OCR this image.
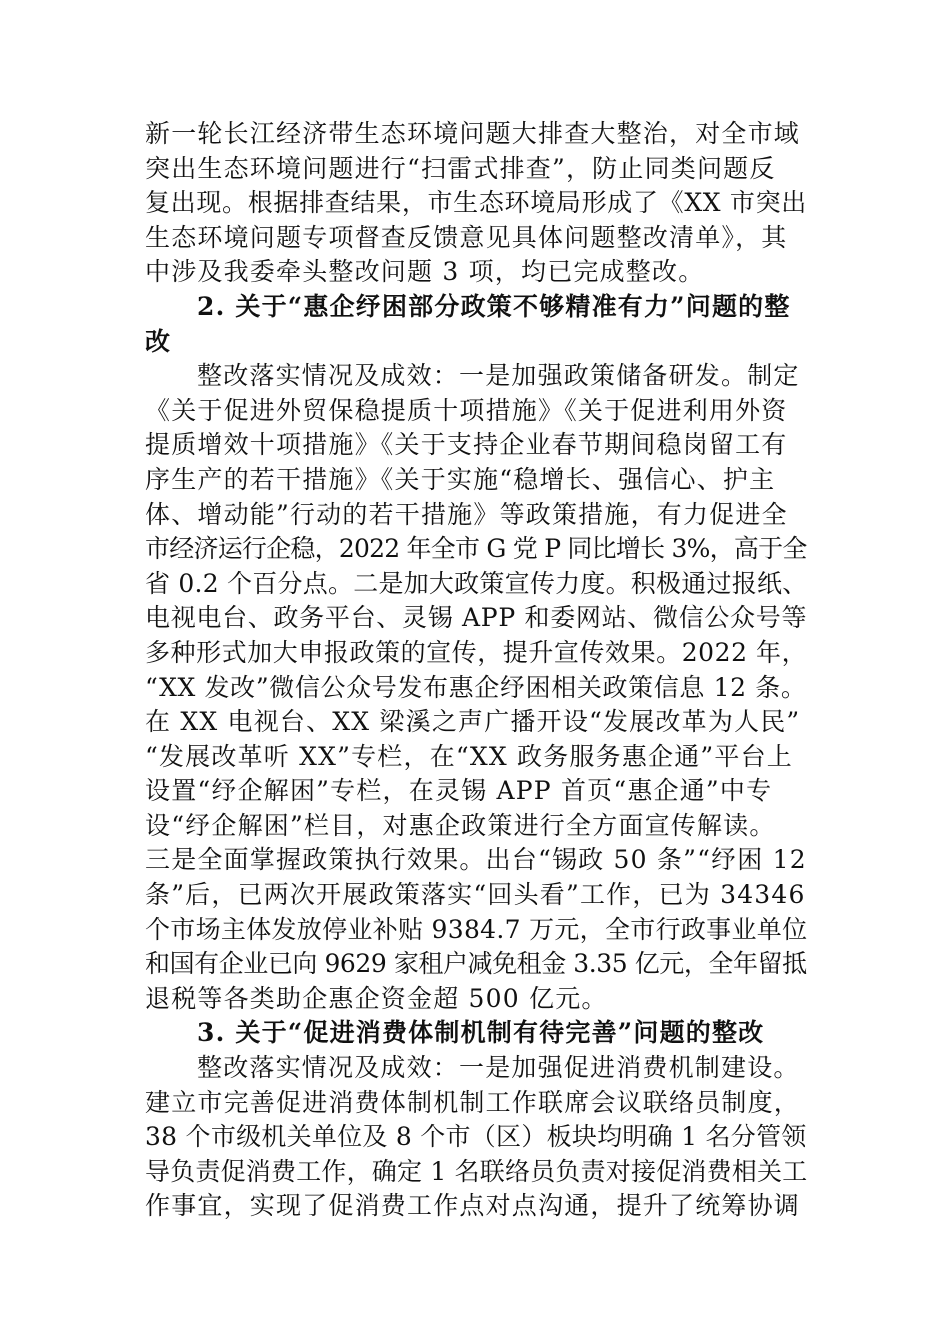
新一轮长江经济带生态环境问题大排查大整治，对全市域
突出生态环境问题进行“扫雷式排查”，防止同类问题反
复出现。根据排查结果，市生态环境局形成了《XX 市突出
生态环境问题专项督查反馈意见具体问题整改清单》，其
中涉及我委牵头整改问题 3 项，均已完成整改。
2. 关于“惠企纾困部分政策不够精准有力”问题的整
改
整改落实情况及成效：一是加强政策储备研发。制定
《关于促进外贸保稳提质十项措施》《关于促进利用外资
提质增效十项措施》《关于支持企业春节期间稳岗留工有
序生产的若干措施》《关于实施“稳增长、强信心、护主
体、增动能”行动的若干措施》等政策措施，有力促进全
市经济运行企稳，2022 年全市 G 党 P 同比增长 3%，高于全
省 0.2 个百分点。二是加大政策宣传力度。积极通过报纸、
电视电台、政务平台、灵锡 APP 和委网站、微信公众号等
多种形式加大申报政策的宣传，提升宣传效果。2022 年，
“XX 发改”微信公众号发布惠企纾困相关政策信息 12 条。
在 XX 电视台、XX 梁溪之声广播开设“发展改革为人民”
“发展改革听 XX”专栏，在“XX 政务服务惠企通”平台上
设置“纾企解困”专栏，在灵锡 APP 首页“惠企通”中专
设“纾企解困”栏目，对惠企政策进行全方面宣传解读。
三是全面掌握政策执行效果。出台“锡政 50 条”“纾困 12
条”后，已两次开展政策落实“回头看”工作，已为 34346
个市场主体发放停业补贴 9384.7 万元，全市行政事业单位
和国有企业已向 9629 家租户减免租金 3.35 亿元，全年留抵
退税等各类助企惠企资金超 500 亿元。
3. 关于“促进消费体制机制有待完善”问题的整改
整改落实情况及成效：一是加强促进消费机制建设。
建立市完善促进消费体制机制工作联席会议联络员制度，
38 个市级机关单位及 8 个市（区）板块均明确 1 名分管领
导负责促消费工作，确定 1 名联络员负责对接促消费相关工
作事宜，实现了促消费工作点对点沟通，提升了统筹协调
